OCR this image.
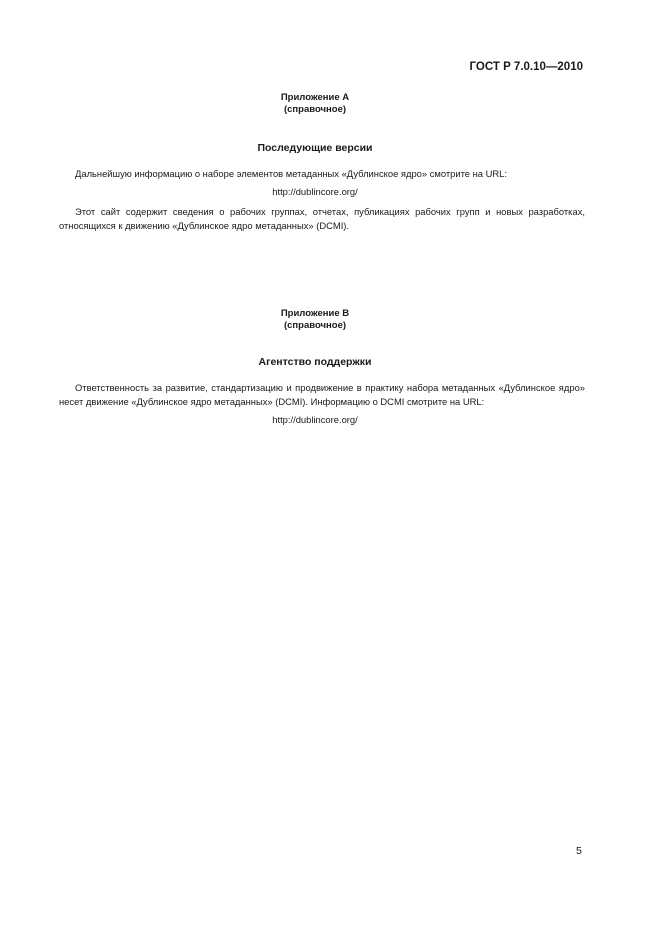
ГОСТ Р 7.0.10—2010
Приложение А
(справочное)
Последующие версии
Дальнейшую информацию о наборе элементов метаданных «Дублинское ядро» смотрите на URL:
http://dublincore.org/
Этот сайт содержит сведения о рабочих группах, отчетах, публикациях рабочих групп и новых разработках, относящихся к движению «Дублинское ядро метаданных» (DCMI).
Приложение В
(справочное)
Агентство поддержки
Ответственность за развитие, стандартизацию и продвижение в практику набора метаданных «Дублинское ядро» несет движение «Дублинское ядро метаданных» (DCMI). Информацию о DCMI смотрите на URL:
http://dublincore.org/
5
